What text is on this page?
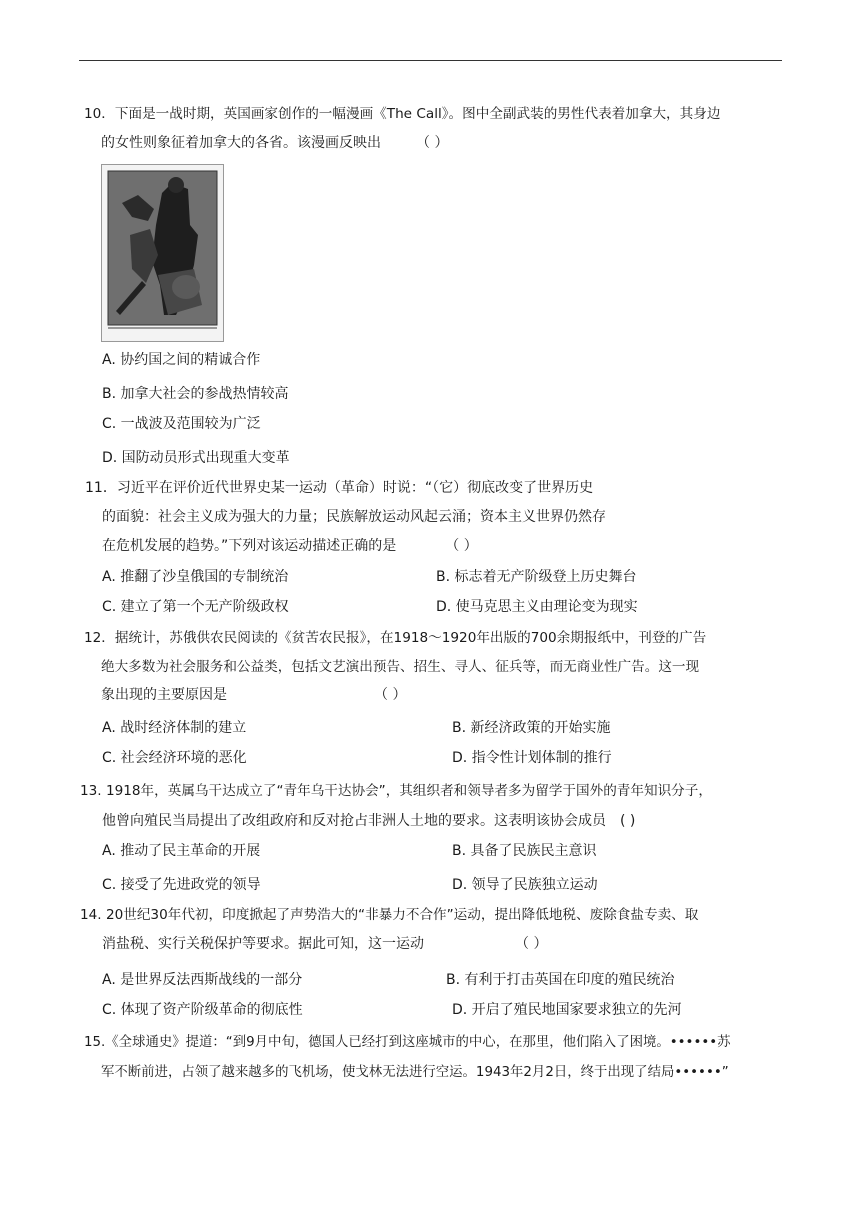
10．下面是一战时期，英国画家创作的一幅漫画《The Call》。图中全副武装的男性代表着加拿大，其身边
的女性则象征着加拿大的各省。该漫画反映出　　　（ ）
A. 协约国之间的精诚合作
B. 加拿大社会的参战热情较高
C. 一战波及范围较为广泛
D. 国防动员形式出现重大变革
11．习近平在评价近代世界史某一运动（革命）时说：“（它）彻底改变了世界历史
的面貌：社会主义成为强大的力量；民族解放运动风起云涌；资本主义世界仍然存
在危机发展的趋势。”下列对该运动描述正确的是　　　　（ ）
A. 推翻了沙皇俄国的专制统治	B. 标志着无产阶级登上历史舞台
C. 建立了第一个无产阶级政权	D. 使马克思主义由理论变为现实
12．据统计，苏俄供农民阅读的《贫苦农民报》，在1918～1920年出版的700余期报纸中，刊登的广告
绝大多数为社会服务和公益类，包括文艺演出预告、招生、寻人、征兵等，而无商业性广告。这一现
象出现的主要原因是　　　　　　　　　　　（ ）
A. 战时经济体制的建立	B. 新经济政策的开始实施
C. 社会经济环境的恶化	D. 指令性计划体制的推行
13. 1918年，英属乌干达成立了“青年乌干达协会”，其组织者和领导者多为留学于国外的青年知识分子，
他曾向殖民当局提出了改组政府和反对抢占非洲人土地的要求。这表明该协会成员　( )
A. 推动了民主革命的开展	B. 具备了民族民主意识
C. 接受了先进政党的领导	D. 领导了民族独立运动
14. 20世纪30年代初，印度掀起了声势浩大的“非暴力不合作”运动，提出降低地税、废除食盐专卖、取
消盐税、实行关税保护等要求。据此可知，这一运动　　　　　　　（ ）
A. 是世界反法西斯战线的一部分	B. 有利于打击英国在印度的殖民统治
C. 体现了资产阶级革命的彻底性	D. 开启了殖民地国家要求独立的先河
15.《全球通史》提道：“到9月中旬，德国人已经打到这座城市的中心，在那里，他们陷入了困境。••••••苏
军不断前进，占领了越来越多的飞机场，使戈林无法进行空运。1943年2月2日，终于出现了结局••••••”
